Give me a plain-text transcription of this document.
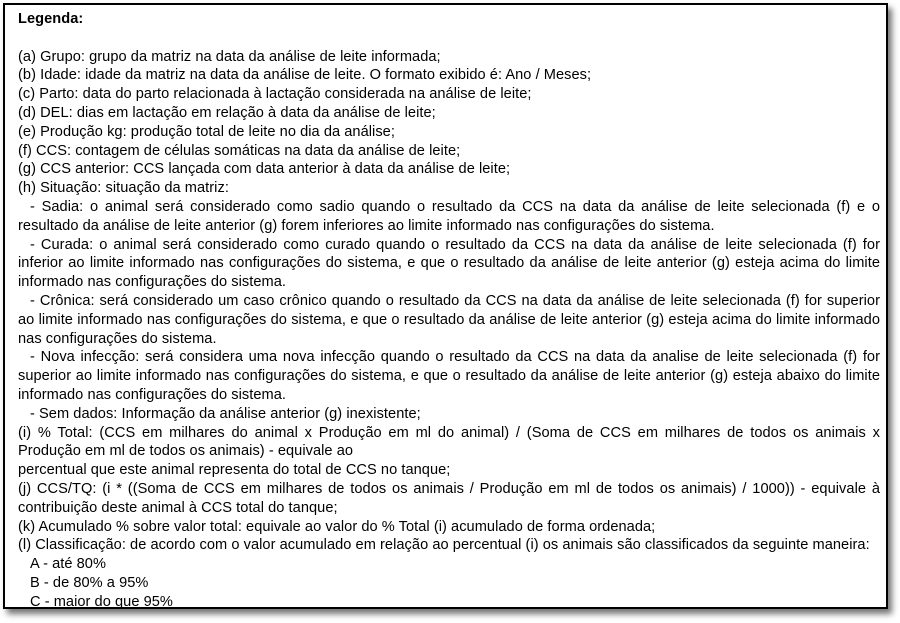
Legenda:

(a) Grupo: grupo da matriz na data da análise de leite informada;

(b) Idade: idade da matriz na data da análise de leite. O formato exibido é: Ano / Meses;

(c) Parto: data do parto relacionada à lactação considerada na análise de leite;

(d) DEL: dias em lactação em relação à data da análise de leite;

(e) Produção kg: produção total de leite no dia da análise;

(f) CCS: contagem de células somáticas na data da análise de leite;

(g) CCS anterior: CCS lançada com data anterior à data da análise de leite;

(h) Situação: situação da matriz:

- Sadia: o animal será considerado como sadio quando o resultado da CCS na data da análise de leite selecionada (f) e o resultado da análise de leite anterior (g) forem inferiores ao limite informado nas configurações do sistema.

- Curada: o animal será considerado como curado quando o resultado da CCS na data da análise de leite selecionada (f) for inferior ao limite informado nas configurações do sistema, e que o resultado da análise de leite anterior (g) esteja acima do limite informado nas configurações do sistema.

- Crônica: será considerado um caso crônico quando o resultado da CCS na data da análise de leite selecionada (f) for superior ao limite informado nas configurações do sistema, e que o resultado da análise de leite anterior (g) esteja acima do limite informado nas configurações do sistema.

- Nova infecção: será considera uma nova infecção quando o resultado da CCS na data da analise de leite selecionada (f) for superior ao limite informado nas configurações do sistema, e que o resultado da análise de leite anterior (g) esteja abaixo do limite informado nas configurações do sistema.

- Sem dados: Informação da análise anterior (g) inexistente;

(i) % Total: (CCS em milhares do animal x Produção em ml do animal) / (Soma de CCS em milhares de todos os animais x Produção em ml de todos os animais) - equivale ao

percentual que este animal representa do total de CCS no tanque;

(j) CCS/TQ: (i * ((Soma de CCS em milhares de todos os animais / Produção em ml de todos os animais) / 1000)) - equivale à contribuição deste animal à CCS total do tanque;

(k) Acumulado % sobre valor total: equivale ao valor do % Total (i) acumulado de forma ordenada;

(l) Classificação: de acordo com o valor acumulado em relação ao percentual (i) os animais são classificados da seguinte maneira:

A - até 80%

B - de 80% a 95%

C - maior do que 95%
